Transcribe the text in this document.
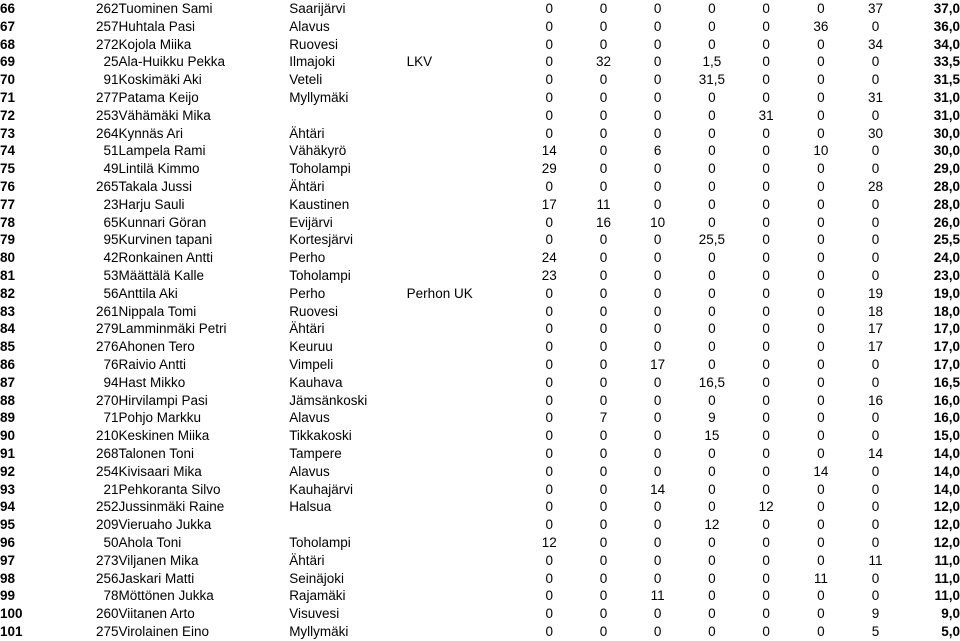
66	262	Tuominen Sami	Saarijärvi		0	0	0	0	0	0	37	37,0
67	257	Huhtala Pasi	Alavus		0	0	0	0	0	36	0	36,0
68	272	Kojola Miika	Ruovesi		0	0	0	0	0	0	34	34,0
69	25	Ala-Huikku Pekka	Ilmajoki	LKV	0	32	0	1,5	0	0	0	33,5
70	91	Koskimäki Aki	Veteli		0	0	0	31,5	0	0	0	31,5
71	277	Patama Keijo	Myllymäki		0	0	0	0	0	0	31	31,0
72	253	Vähämäki Mika			0	0	0	0	31	0	0	31,0
73	264	Kynnäs Ari	Ähtäri		0	0	0	0	0	0	30	30,0
74	51	Lampela Rami	Vähäkyrö		14	0	6	0	0	10	0	30,0
75	49	Lintilä Kimmo	Toholampi		29	0	0	0	0	0	0	29,0
76	265	Takala Jussi	Ähtäri		0	0	0	0	0	0	28	28,0
77	23	Harju Sauli	Kaustinen		17	11	0	0	0	0	0	28,0
78	65	Kunnari Göran	Evijärvi		0	16	10	0	0	0	0	26,0
79	95	Kurvinen tapani	Kortesjärvi		0	0	0	25,5	0	0	0	25,5
80	42	Ronkainen Antti	Perho		24	0	0	0	0	0	0	24,0
81	53	Määttälä Kalle	Toholampi		23	0	0	0	0	0	0	23,0
82	56	Anttila Aki	Perho	Perhon UK	0	0	0	0	0	0	19	19,0
83	261	Nippala Tomi	Ruovesi		0	0	0	0	0	0	18	18,0
84	279	Lamminmäki Petri	Ähtäri		0	0	0	0	0	0	17	17,0
85	276	Ahonen Tero	Keuruu		0	0	0	0	0	0	17	17,0
86	76	Raivio Antti	Vimpeli		0	0	17	0	0	0	0	17,0
87	94	Hast Mikko	Kauhava		0	0	0	16,5	0	0	0	16,5
88	270	Hirvilampi Pasi	Jämsänkoski		0	0	0	0	0	0	16	16,0
89	71	Pohjo Markku	Alavus		0	7	0	9	0	0	0	16,0
90	210	Keskinen Miika	Tikkakoski		0	0	0	15	0	0	0	15,0
91	268	Talonen Toni	Tampere		0	0	0	0	0	0	14	14,0
92	254	Kivisaari Mika	Alavus		0	0	0	0	0	14	0	14,0
93	21	Pehkoranta Silvo	Kauhajärvi		0	0	14	0	0	0	0	14,0
94	252	Jussinmäki Raine	Halsua		0	0	0	0	12	0	0	12,0
95	209	Vieruaho Jukka			0	0	0	12	0	0	0	12,0
96	50	Ahola Toni	Toholampi		12	0	0	0	0	0	0	12,0
97	273	Viljanen Mika	Ähtäri		0	0	0	0	0	0	11	11,0
98	256	Jaskari Matti	Seinäjoki		0	0	0	0	0	11	0	11,0
99	78	Möttönen Jukka	Rajamäki		0	0	11	0	0	0	0	11,0
100	260	Viitanen Arto	Visuvesi		0	0	0	0	0	0	9	9,0
101	275	Virolainen Eino	Myllymäki		0	0	0	0	0	0	5	5,0
